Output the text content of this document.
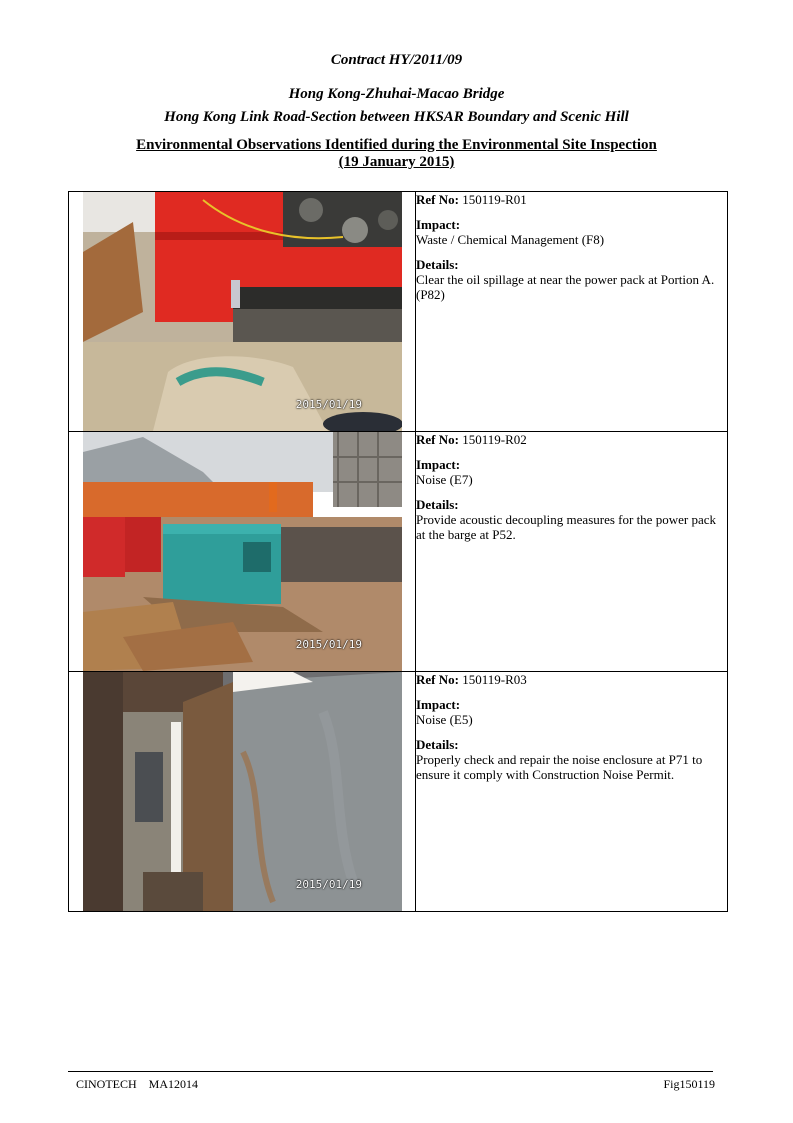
Contract HY/2011/09
Hong Kong-Zhuhai-Macao Bridge
Hong Kong Link Road-Section between HKSAR Boundary and Scenic Hill
Environmental Observations Identified during the Environmental Site Inspection
(19 January 2015)
2015/01/19	Ref No: 150119-R01

Impact:
Waste / Chemical Management (F8)

Details:
Clear the oil spillage at near the power pack at Portion A. (P82)

2015/01/19	Ref No: 150119-R02

Impact:
Noise (E7)

Details:
Provide acoustic decoupling measures for the power pack at the barge at P52.

2015/01/19	Ref No: 150119-R03

Impact:
Noise (E5)

Details:
Properly check and repair the noise enclosure at P71 to ensure it comply with Construction Noise Permit.

CINOTECH MA12014	Fig150119
